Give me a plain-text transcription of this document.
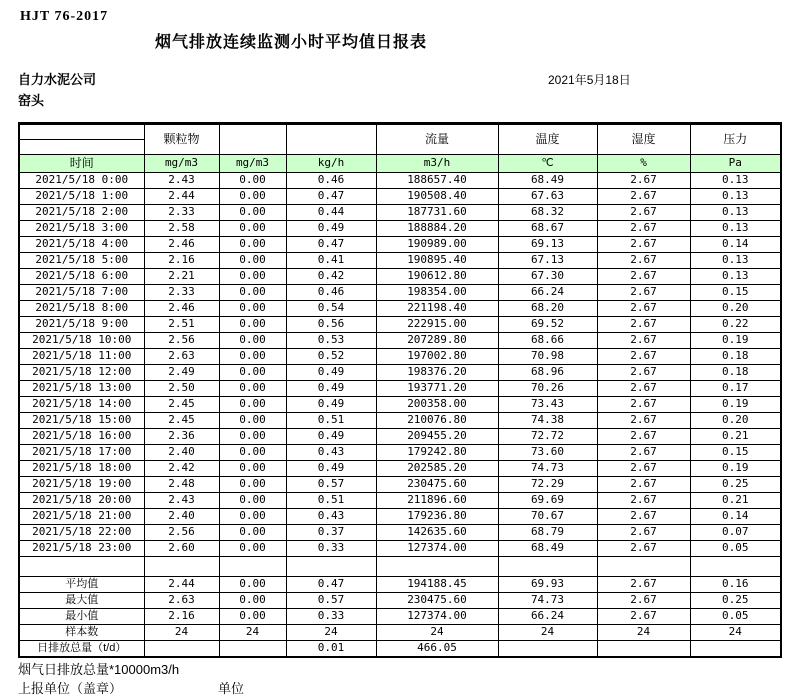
HJT 76-2017
烟气排放连续监测小时平均值日报表
自力水泥公司	2021年5月18日
窑头
	颗粒物			流量	温度	湿度	压力

时间	mg/m3	mg/m3	kg/h	m3/h	℃	%	Pa
2021/5/18 0:00	2.43	0.00	0.46	188657.40	68.49	2.67	0.13
2021/5/18 1:00	2.44	0.00	0.47	190508.40	67.63	2.67	0.13
2021/5/18 2:00	2.33	0.00	0.44	187731.60	68.32	2.67	0.13
2021/5/18 3:00	2.58	0.00	0.49	188884.20	68.67	2.67	0.13
2021/5/18 4:00	2.46	0.00	0.47	190989.00	69.13	2.67	0.14
2021/5/18 5:00	2.16	0.00	0.41	190895.40	67.13	2.67	0.13
2021/5/18 6:00	2.21	0.00	0.42	190612.80	67.30	2.67	0.13
2021/5/18 7:00	2.33	0.00	0.46	198354.00	66.24	2.67	0.15
2021/5/18 8:00	2.46	0.00	0.54	221198.40	68.20	2.67	0.20
2021/5/18 9:00	2.51	0.00	0.56	222915.00	69.52	2.67	0.22
2021/5/18 10:00	2.56	0.00	0.53	207289.80	68.66	2.67	0.19
2021/5/18 11:00	2.63	0.00	0.52	197002.80	70.98	2.67	0.18
2021/5/18 12:00	2.49	0.00	0.49	198376.20	68.96	2.67	0.18
2021/5/18 13:00	2.50	0.00	0.49	193771.20	70.26	2.67	0.17
2021/5/18 14:00	2.45	0.00	0.49	200358.00	73.43	2.67	0.19
2021/5/18 15:00	2.45	0.00	0.51	210076.80	74.38	2.67	0.20
2021/5/18 16:00	2.36	0.00	0.49	209455.20	72.72	2.67	0.21
2021/5/18 17:00	2.40	0.00	0.43	179242.80	73.60	2.67	0.15
2021/5/18 18:00	2.42	0.00	0.49	202585.20	74.73	2.67	0.19
2021/5/18 19:00	2.48	0.00	0.57	230475.60	72.29	2.67	0.25
2021/5/18 20:00	2.43	0.00	0.51	211896.60	69.69	2.67	0.21
2021/5/18 21:00	2.40	0.00	0.43	179236.80	70.67	2.67	0.14
2021/5/18 22:00	2.56	0.00	0.37	142635.60	68.79	2.67	0.07
2021/5/18 23:00	2.60	0.00	0.33	127374.00	68.49	2.67	0.05

平均值	2.44	0.00	0.47	194188.45	69.93	2.67	0.16
最大值	2.63	0.00	0.57	230475.60	74.73	2.67	0.25
最小值	2.16	0.00	0.33	127374.00	66.24	2.67	0.05
样本数	24	24	24	24	24	24	24
日排放总量（t/d）			0.01	466.05			
烟气日排放总量*10000m3/h
上报单位（盖章）	单位
